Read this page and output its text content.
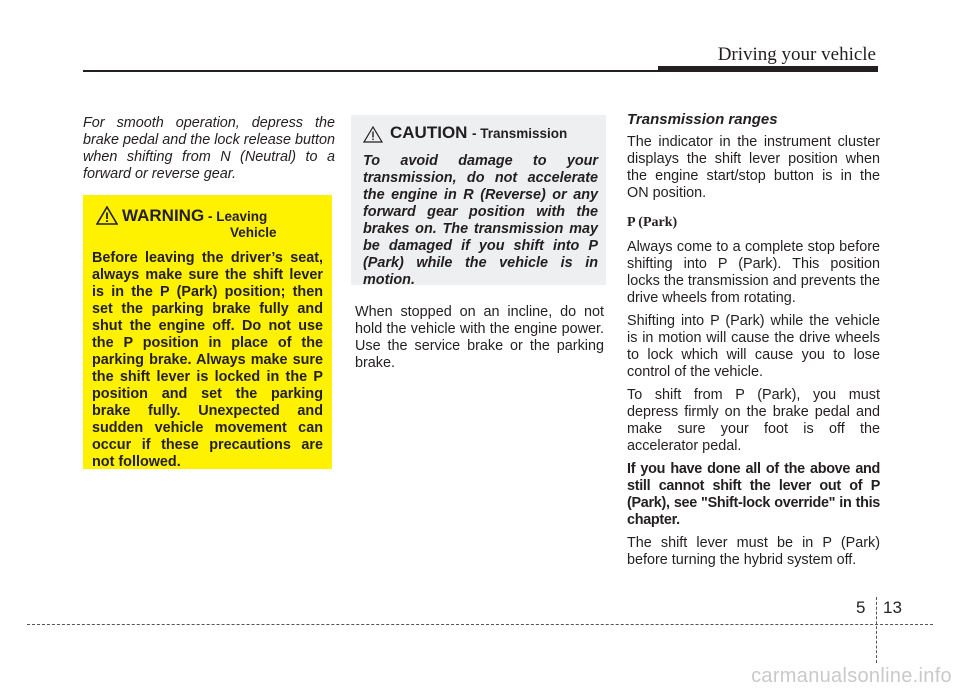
Driving your vehicle
For smooth operation, depress the brake pedal and the lock release button when shifting from N (Neutral) to a forward or reverse gear.
WARNING - Leaving
Vehicle
Before leaving the driver’s seat, always make sure the shift lever is in the P (Park) position; then set the parking brake fully and shut the engine off. Do not use the P position in place of the parking brake. Always make sure the shift lever is locked in the P position and set the parking brake fully. Unexpected and sudden vehicle movement can occur if these precautions are not followed.
CAUTION - Transmission
To avoid damage to your transmission, do not accelerate the engine in R (Reverse) or any forward gear position with the brakes on. The transmission may be damaged if you shift into P (Park) while the vehicle is in motion.
When stopped on an incline, do not hold the vehicle with the engine power. Use the service brake or the parking brake.
Transmission ranges

The indicator in the instrument cluster displays the shift lever position when the engine start/stop button is in the ON position.

P (Park)

Always come to a complete stop before shifting into P (Park). This position locks the transmission and prevents the drive wheels from rotating.

Shifting into P (Park) while the vehicle is in motion will cause the drive wheels to lock which will cause you to lose control of the vehicle.

To shift from P (Park), you must depress firmly on the brake pedal and make sure your foot is off the accelerator pedal.

If you have done all of the above and still cannot shift the lever out of P (Park), see "Shift-lock override" in this chapter.

The shift lever must be in P (Park) before turning the hybrid system off.

5 13
carmanualsonline.info
